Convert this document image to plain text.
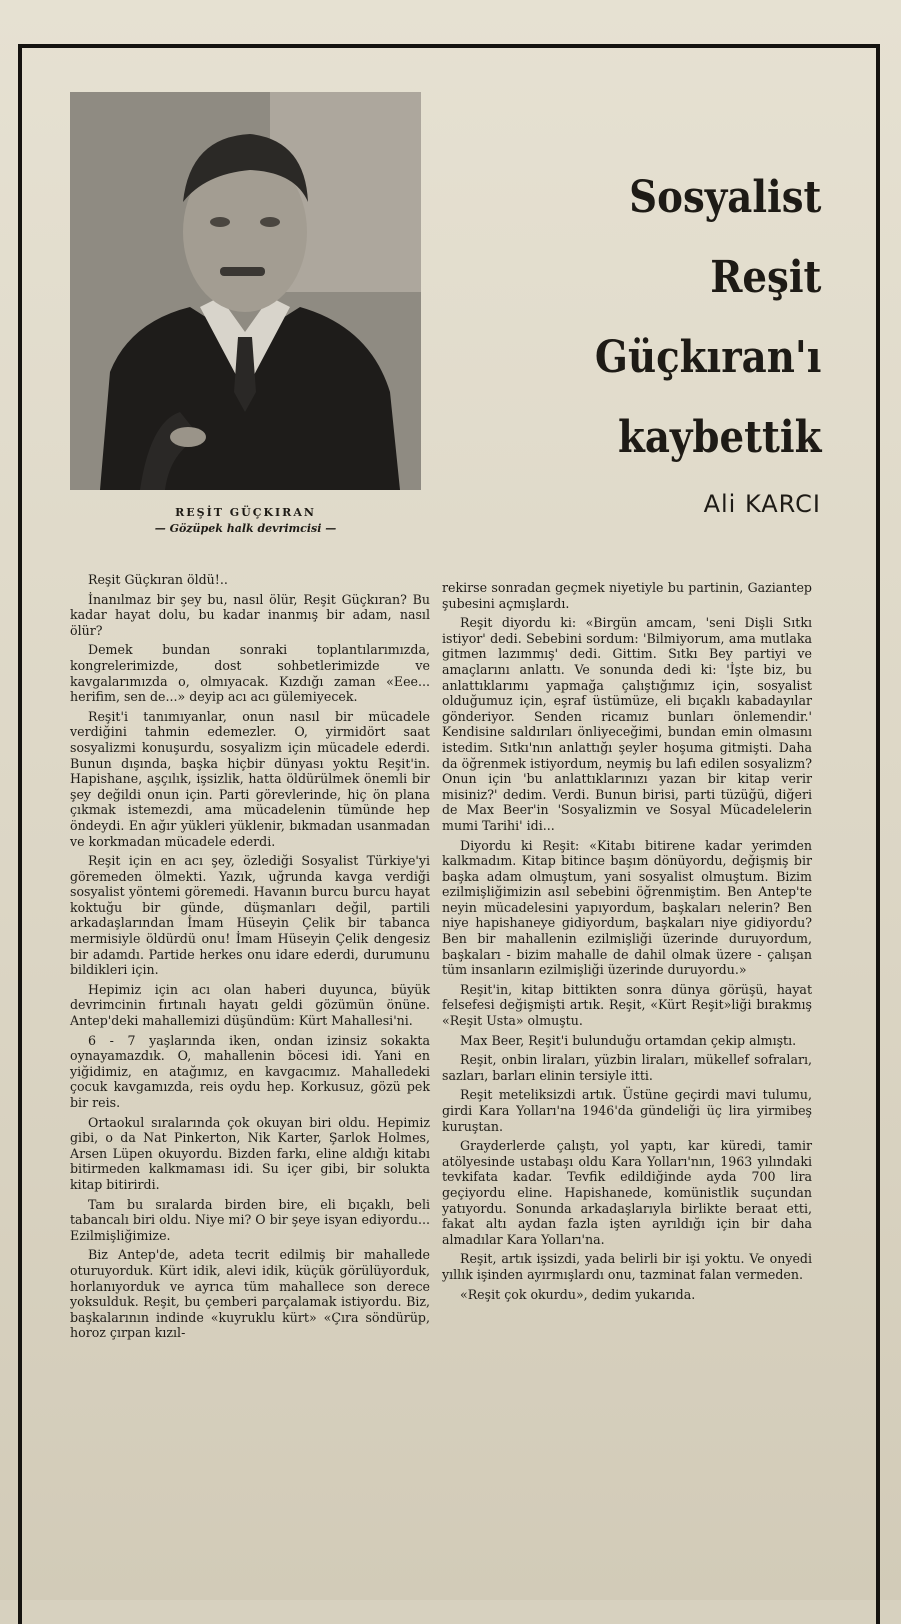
REŞİT GÜÇKIRAN
— Gözüpek halk devrimcisi —
Sosyalist
Reşit
Güçkıran'ı
kaybettik
Ali KARCI

Reşit Güçkıran öldü!..

İnanılmaz bir şey bu, nasıl ölür, Reşit Güçkıran? Bu kadar hayat dolu, bu kadar inanmış bir adam, nasıl ölür?

Demek bundan sonraki toplantılarımızda, kongrelerimizde, dost sohbetlerimizde ve kavgalarımızda o, olmıyacak. Kızdığı zaman «Eee... herifim, sen de...» deyip acı acı gülemiyecek.

Reşit'i tanımıyanlar, onun nasıl bir mücadele verdiğini tahmin edemezler. O, yirmidört saat sosyalizmi konuşurdu, sosyalizm için mücadele ederdi. Bunun dışında, başka hiçbir dünyası yoktu Reşit'in. Hapishane, aşçılık, işsizlik, hatta öldürülmek önemli bir şey değildi onun için. Parti görevlerinde, hiç ön plana çıkmak istemezdi, ama mücadelenin tümünde hep öndeydi. En ağır yükleri yüklenir, bıkmadan usanmadan ve korkmadan mücadele ederdi.

Reşit için en acı şey, özlediği Sosyalist Türkiye'yi göremeden ölmekti. Yazık, uğrunda kavga verdiği sosyalist yöntemi göremedi. Havanın burcu burcu hayat koktuğu bir günde, düşmanları değil, partili arkadaşlarından İmam Hüseyin Çelik bir tabanca mermisiyle öldürdü onu! İmam Hüseyin Çelik dengesiz bir adamdı. Partide herkes onu idare ederdi, durumunu bildikleri için.

Hepimiz için acı olan haberi duyunca, büyük devrimcinin fırtınalı hayatı geldi gözümün önüne. Antep'deki mahallemizi düşündüm: Kürt Mahallesi'ni.

6 - 7 yaşlarında iken, ondan izinsiz sokakta oynayamazdık. O, mahallenin böcesi idi. Yani en yiğidimiz, en atağımız, en kavgacımız. Mahalledeki çocuk kavgamızda, reis oydu hep. Korkusuz, gözü pek bir reis.

Ortaokul sıralarında çok okuyan biri oldu. Hepimiz gibi, o da Nat Pinkerton, Nik Karter, Şarlok Holmes, Arsen Lüpen okuyordu. Bizden farkı, eline aldığı kitabı bitirmeden kalkmaması idi. Su içer gibi, bir solukta kitap bitirirdi.

Tam bu sıralarda birden bire, eli bıçaklı, beli tabancalı biri oldu. Niye mi? O bir şeye isyan ediyordu... Ezilmişliğimize.

Biz Antep'de, adeta tecrit edilmiş bir mahallede oturuyorduk. Kürt idik, alevi idik, küçük görülüyorduk, horlanıyorduk ve ayrıca tüm mahallece son derece yoksulduk. Reşit, bu çemberi parçalamak istiyordu. Biz, başkalarının indinde «kuyruklu kürt» «Çıra söndürüp, horoz çırpan kızıl-

rekirse sonradan geçmek niyetiyle bu partinin, Gaziantep şubesini açmışlardı.

Reşit diyordu ki: «Birgün amcam, 'seni Dişli Sıtkı istiyor' dedi. Sebebini sordum: 'Bilmiyorum, ama mutlaka gitmen lazımmış' dedi. Gittim. Sıtkı Bey partiyi ve amaçlarını anlattı. Ve sonunda dedi ki: 'İşte biz, bu anlattıklarımı yapmağa çalıştığımız için, sosyalist olduğumuz için, eşraf üstümüze, eli bıçaklı kabadayılar gönderiyor. Senden ricamız bunları önlemendir.' Kendisine saldırıları önliyeceğimi, bundan emin olmasını istedim. Sıtkı'nın anlattığı şeyler hoşuma gitmişti. Daha da öğrenmek istiyordum, neymiş bu lafı edilen sosyalizm? Onun için 'bu anlattıklarınızı yazan bir kitap verir misiniz?' dedim. Verdi. Bunun birisi, parti tüzüğü, diğeri de Max Beer'in 'Sosyalizmin ve Sosyal Mücadelelerin mumi Tarihi' idi...

Diyordu ki Reşit: «Kitabı bitirene kadar yerimden kalkmadım. Kitap bitince başım dönüyordu, değişmiş bir başka adam olmuştum, yani sosyalist olmuştum. Bizim ezilmişliğimizin asıl sebebini öğrenmiştim. Ben Antep'te neyin mücadelesini yapıyordum, başkaları nelerin? Ben niye hapishaneye gidiyordum, başkaları niye gidiyordu? Ben bir mahallenin ezilmişliği üzerinde duruyordum, başkaları - bizim mahalle de dahil olmak üzere - çalışan tüm insanların ezilmişliği üzerinde duruyordu.»

Reşit'in, kitap bittikten sonra dünya görüşü, hayat felsefesi değişmişti artık. Reşit, «Kürt Reşit»liği bırakmış «Reşit Usta» olmuştu.

Max Beer, Reşit'i bulunduğu ortamdan çekip almıştı.

Reşit, onbin liraları, yüzbin liraları, mükellef sofraları, sazları, barları elinin tersiyle itti.

Reşit meteliksizdi artık. Üstüne geçirdi mavi tulumu, girdi Kara Yolları'na 1946'da gündeliği üç lira yirmibeş kuruştan.

Grayderlerde çalıştı, yol yaptı, kar küredi, tamir atölyesinde ustabaşı oldu Kara Yolları'nın, 1963 yılındaki tevkifata kadar. Tevfik edildiğinde ayda 700 lira geçiyordu eline. Hapishanede, komünistlik suçundan yatıyordu. Sonunda arkadaşlarıyla birlikte beraat etti, fakat altı aydan fazla işten ayrıldığı için bir daha almadılar Kara Yolları'na.

Reşit, artık işsizdi, yada belirli bir işi yoktu. Ve onyedi yıllık işinden ayırmışlardı onu, tazminat falan vermeden.

«Reşit çok okurdu», dedim yukarıda.
